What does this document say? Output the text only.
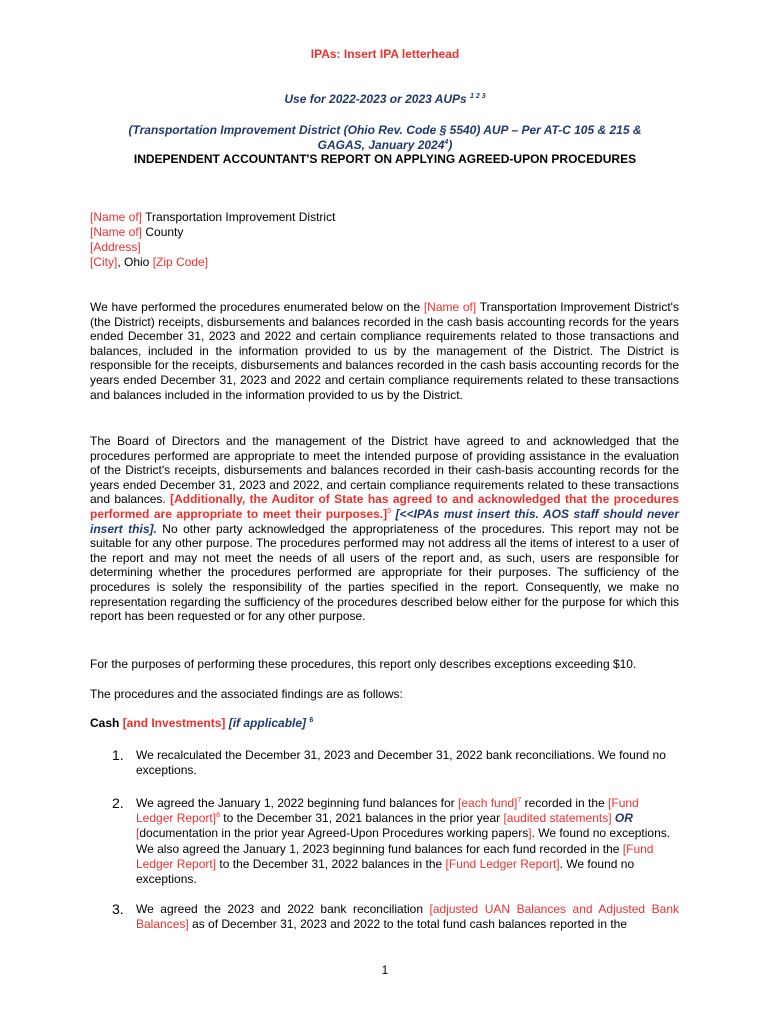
IPAs: Insert IPA letterhead
Use for 2022-2023 or 2023 AUPs $^{1 2 3}$
(Transportation Improvement District (Ohio Rev. Code § 5540) AUP – Per AT-C 105 & 215 &
GAGAS, January 2024$^4$)
INDEPENDENT ACCOUNTANT'S REPORT ON APPLYING AGREED-UPON PROCEDURES
[Name of] Transportation Improvement District
[Name of] County
[Address]
[City], Ohio [Zip Code]
We have performed the procedures enumerated below on the [Name of] Transportation Improvement District's (the District) receipts, disbursements and balances recorded in the cash basis accounting records for the years ended December 31, 2023 and 2022 and certain compliance requirements related to those transactions and balances, included in the information provided to us by the management of the District. The District is responsible for the receipts, disbursements and balances recorded in the cash basis accounting records for the years ended December 31, 2023 and 2022 and certain compliance requirements related to these transactions and balances included in the information provided to us by the District.
The Board of Directors and the management of the District have agreed to and acknowledged that the procedures performed are appropriate to meet the intended purpose of providing assistance in the evaluation of the District's receipts, disbursements and balances recorded in their cash-basis accounting records for the years ended December 31, 2023 and 2022, and certain compliance requirements related to these transactions and balances. [Additionally, the Auditor of State has agreed to and acknowledged that the procedures performed are appropriate to meet their purposes.]$^5$ [<<IPAs must insert this. AOS staff should never insert this]. No other party acknowledged the appropriateness of the procedures. This report may not be suitable for any other purpose. The procedures performed may not address all the items of interest to a user of the report and may not meet the needs of all users of the report and, as such, users are responsible for determining whether the procedures performed are appropriate for their purposes. The sufficiency of the procedures is solely the responsibility of the parties specified in the report. Consequently, we make no representation regarding the sufficiency of the procedures described below either for the purpose for which this report has been requested or for any other purpose.
For the purposes of performing these procedures, this report only describes exceptions exceeding $10.
The procedures and the associated findings are as follows:
Cash [and Investments] [if applicable] $^6$
1. We recalculated the December 31, 2023 and December 31, 2022 bank reconciliations. We found no exceptions.
2. We agreed the January 1, 2022 beginning fund balances for [each fund]$^7$ recorded in the [Fund Ledger Report]$^8$ to the December 31, 2021 balances in the prior year [audited statements] OR
[documentation in the prior year Agreed-Upon Procedures working papers]. We found no exceptions. We also agreed the January 1, 2023 beginning fund balances for each fund recorded in the [Fund Ledger Report] to the December 31, 2022 balances in the [Fund Ledger Report]. We found no exceptions.
3. We agreed the 2023 and 2022 bank reconciliation [adjusted UAN Balances and Adjusted Bank Balances] as of December 31, 2023 and 2022 to the total fund cash balances reported in the
1
